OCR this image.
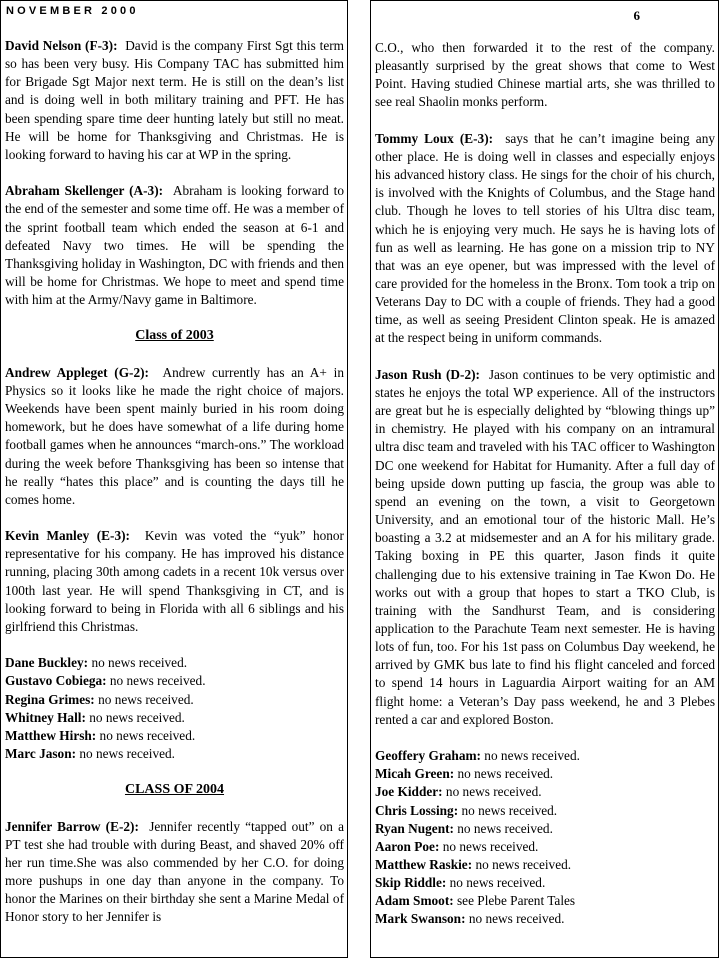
NOVEMBER 2000

David Nelson (F-3): David is the company First Sgt this term so has been very busy. His Company TAC has submitted him for Brigade Sgt Major next term. He is still on the dean’s list and is doing well in both military training and PFT. He has been spending spare time deer hunting lately but still no meat. He will be home for Thanksgiving and Christmas. He is looking forward to having his car at WP in the spring.

Abraham Skellenger (A-3): Abraham is looking forward to the end of the semester and some time off. He was a member of the sprint football team which ended the season at 6-1 and defeated Navy two times. He will be spending the Thanksgiving holiday in Washington, DC with friends and then will be home for Christmas. We hope to meet and spend time with him at the Army/Navy game in Baltimore.

Class of 2003

Andrew Appleget (G-2): Andrew currently has an A+ in Physics so it looks like he made the right choice of majors. Weekends have been spent mainly buried in his room doing homework, but he does have somewhat of a life during home football games when he announces “march-ons.” The workload during the week before Thanksgiving has been so intense that he really “hates this place” and is counting the days till he comes home.

Kevin Manley (E-3): Kevin was voted the “yuk” honor representative for his company. He has improved his distance running, placing 30th among cadets in a recent 10k versus over 100th last year. He will spend Thanksgiving in CT, and is looking forward to being in Florida with all 6 siblings and his girlfriend this Christmas.

Dane Buckley: no news received.
Gustavo Cobiega: no news received.
Regina Grimes: no news received.
Whitney Hall: no news received.
Matthew Hirsh: no news received.
Marc Jason: no news received.
CLASS OF 2004

Jennifer Barrow (E-2): Jennifer recently “tapped out” on a PT test she had trouble with during Beast, and shaved 20% off her run time.She was also commended by her C.O. for doing more pushups in one day than anyone in the company. To honor the Marines on their birthday she sent a Marine Medal of Honor story to her Jennifer is

6

C.O., who then forwarded it to the rest of the company. pleasantly surprised by the great shows that come to West Point. Having studied Chinese martial arts, she was thrilled to see real Shaolin monks perform.

Tommy Loux (E-3): says that he can’t imagine being any other place. He is doing well in classes and especially enjoys his advanced history class. He sings for the choir of his church, is involved with the Knights of Columbus, and the Stage hand club. Though he loves to tell stories of his Ultra disc team, which he is enjoying very much. He says he is having lots of fun as well as learning. He has gone on a mission trip to NY that was an eye opener, but was impressed with the level of care provided for the homeless in the Bronx. Tom took a trip on Veterans Day to DC with a couple of friends. They had a good time, as well as seeing President Clinton speak. He is amazed at the respect being in uniform commands.

Jason Rush (D-2): Jason continues to be very optimistic and states he enjoys the total WP experience. All of the instructors are great but he is especially delighted by “blowing things up” in chemistry. He played with his company on an intramural ultra disc team and traveled with his TAC officer to Washington DC one weekend for Habitat for Humanity. After a full day of being upside down putting up fascia, the group was able to spend an evening on the town, a visit to Georgetown University, and an emotional tour of the historic Mall. He’s boasting a 3.2 at midsemester and an A for his military grade. Taking boxing in PE this quarter, Jason finds it quite challenging due to his extensive training in Tae Kwon Do. He works out with a group that hopes to start a TKO Club, is training with the Sandhurst Team, and is considering application to the Parachute Team next semester. He is having lots of fun, too. For his 1st pass on Columbus Day weekend, he arrived by GMK bus late to find his flight canceled and forced to spend 14 hours in Laguardia Airport waiting for an AM flight home: a Veteran’s Day pass weekend, he and 3 Plebes rented a car and explored Boston.

Geoffery Graham: no news received.
Micah Green: no news received.
Joe Kidder: no news received.
Chris Lossing: no news received.
Ryan Nugent: no news received.
Aaron Poe: no news received.
Matthew Raskie: no news received.
Skip Riddle: no news received.
Adam Smoot: see Plebe Parent Tales
Mark Swanson: no news received.
